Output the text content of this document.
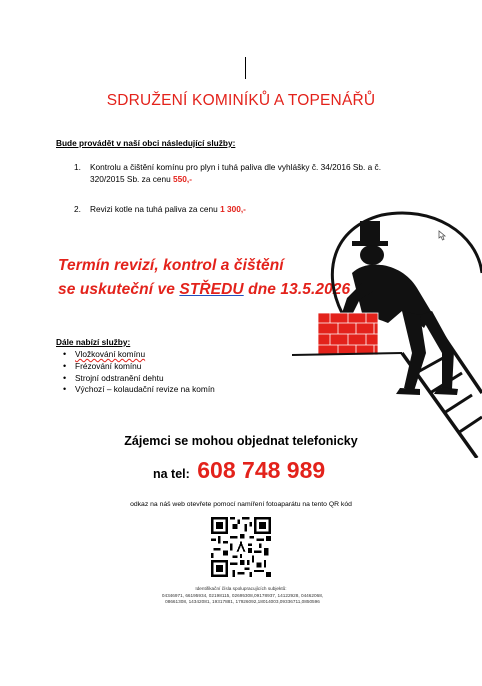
SDRUŽENÍ KOMINÍKŮ A TOPENÁŘŮ
Bude provádět v naší obci následující služby:
1. Kontrolu a čištění komínu pro plyn i tuhá paliva dle vyhlášky č. 34/2016 Sb. a č.
320/2015 Sb. za cenu 550,-
2. Revizi kotle na tuhá paliva za cenu 1 300,-
Termín revizí, kontrol a čištění
se uskuteční ve STŘEDU dne 13.5.2026
Dále nabízí služby:
• Vložkování komínu
• Frézování komínu
• Strojní odstranění dehtu
• Výchozí – kolaudační revize na komín
Zájemci se mohou objednat telefonicky
na tel: 608 748 989
odkaz na náš web otevřete pomocí namíření fotoaparátu na tento QR kód
Identifikační čísla spolupracujících subjektů:
04346971, 66195934, 02198115, 02695308,09178937, 14122928, 04462068,
08661308, 14342081, 19317881, 17926092,18014003,09336711,0850596
